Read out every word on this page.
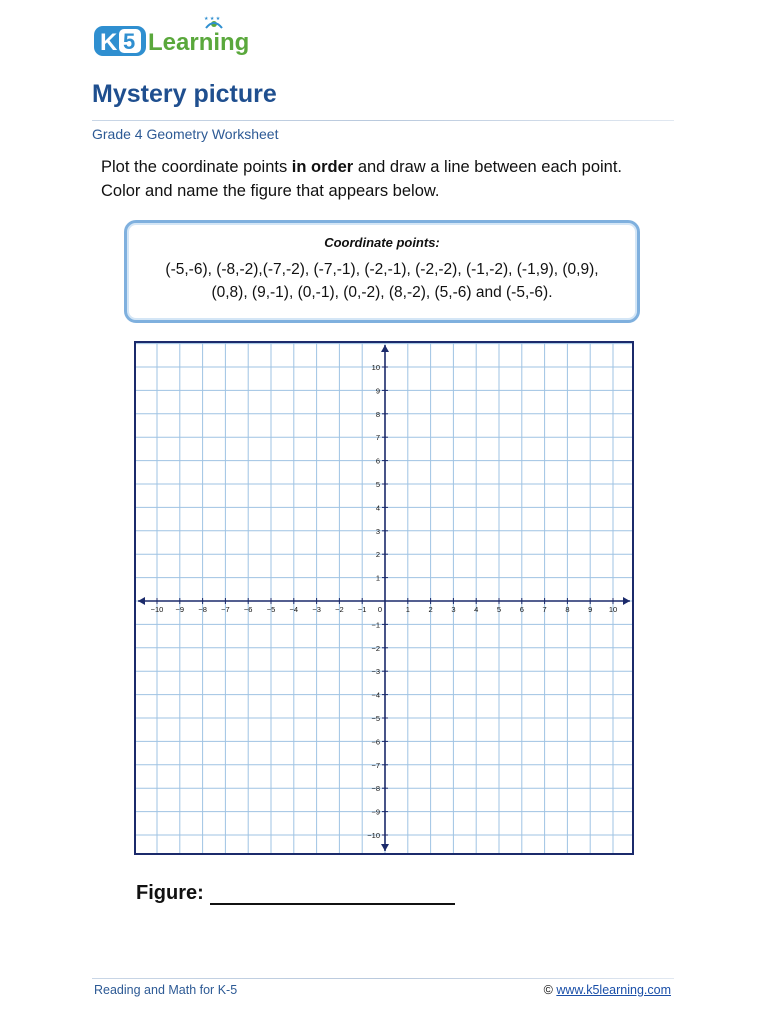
K 5 Learning
★ ★ ★
Mystery picture
Grade 4 Geometry Worksheet
Plot the coordinate points in order and draw a line between each point.
Color and name the figure that appears below.
Coordinate points:
(-5,-6), (-8,-2),(-7,-2), (-7,-1), (-2,-1), (-2,-2), (-1,-2), (-1,9), (0,9),
(0,8), (9,-1), (0,-1), (0,-2), (8,-2), (5,-6) and (-5,-6).
−10 −9 −8 −7 −6 −5 −4 −3 −2 −1 0	1 2 3 4 5 6 7 8 9 10
10
9
8
7
6
5
4
3
2
1
−1
−2
−3
−4
−5
−6
−7
−8
−9
−10
Figure:
Reading and Math for K-5	© www.k5learning.com
